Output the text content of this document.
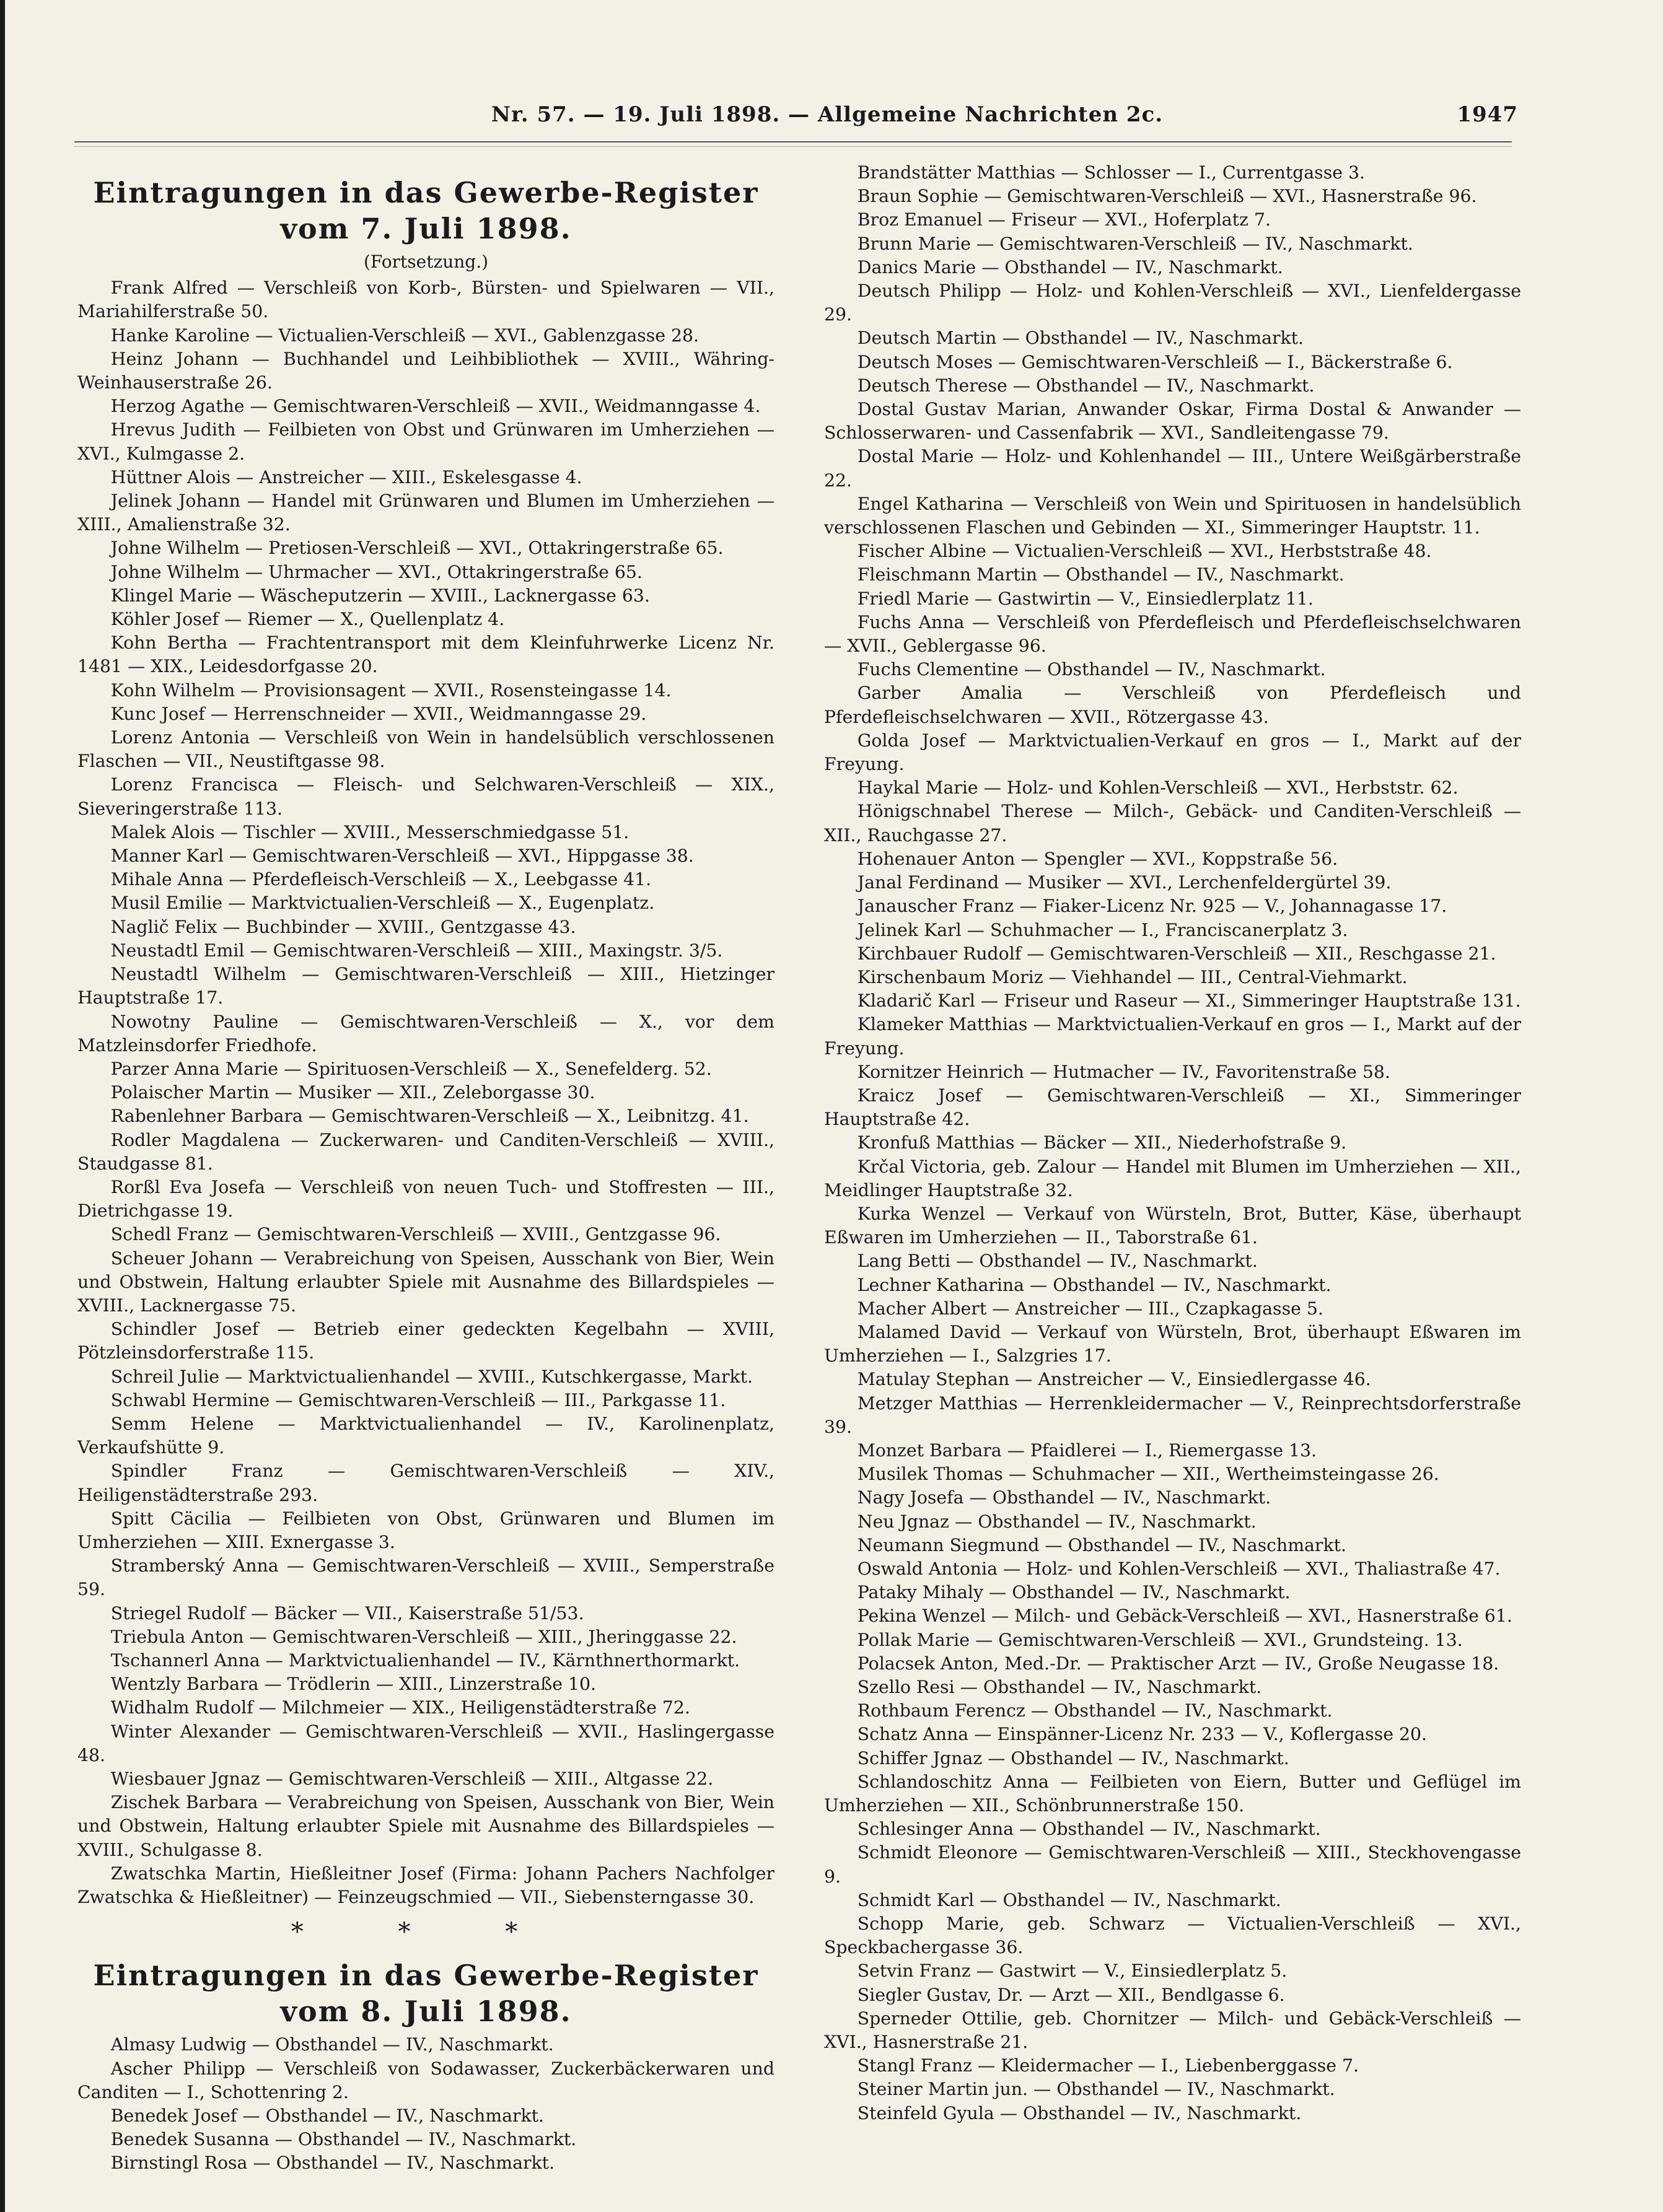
Nr. 57. — 19. Juli 1898. — Allgemeine Nachrichten 2c.	1947
Eintragungen in das Gewerbe-Register
vom 7. Juli 1898.
(Fortsetzung.)

Frank Alfred — Verschleiß von Korb-, Bürsten- und Spielwaren — VII., Mariahilferstraße 50.

Hanke Karoline — Victualien-Verschleiß — XVI., Gablenzgasse 28.

Heinz Johann — Buchhandel und Leihbibliothek — XVIII., Währing-Weinhauserstraße 26.

Herzog Agathe — Gemischtwaren-Verschleiß — XVII., Weidmanngasse 4.

Hrevus Judith — Feilbieten von Obst und Grünwaren im Umherziehen — XVI., Kulmgasse 2.

Hüttner Alois — Anstreicher — XIII., Eskelesgasse 4.

Jelinek Johann — Handel mit Grünwaren und Blumen im Umherziehen — XIII., Amalienstraße 32.

Johne Wilhelm — Pretiosen-Verschleiß — XVI., Ottakringerstraße 65.

Johne Wilhelm — Uhrmacher — XVI., Ottakringerstraße 65.

Klingel Marie — Wäscheputzerin — XVIII., Lacknergasse 63.

Köhler Josef — Riemer — X., Quellenplatz 4.

Kohn Bertha — Frachtentransport mit dem Kleinfuhrwerke Licenz Nr. 1481 — XIX., Leidesdorfgasse 20.

Kohn Wilhelm — Provisionsagent — XVII., Rosensteingasse 14.

Kunc Josef — Herrenschneider — XVII., Weidmanngasse 29.

Lorenz Antonia — Verschleiß von Wein in handelsüblich verschlossenen Flaschen — VII., Neustiftgasse 98.

Lorenz Francisca — Fleisch- und Selchwaren-Verschleiß — XIX., Sieveringerstraße 113.

Malek Alois — Tischler — XVIII., Messerschmiedgasse 51.

Manner Karl — Gemischtwaren-Verschleiß — XVI., Hippgasse 38.

Mihale Anna — Pferdefleisch-Verschleiß — X., Leebgasse 41.

Musil Emilie — Marktvictualien-Verschleiß — X., Eugenplatz.

Naglič Felix — Buchbinder — XVIII., Gentzgasse 43.

Neustadtl Emil — Gemischtwaren-Verschleiß — XIII., Maxingstr. 3/5.

Neustadtl Wilhelm — Gemischtwaren-Verschleiß — XIII., Hietzinger Hauptstraße 17.

Nowotny Pauline — Gemischtwaren-Verschleiß — X., vor dem Matzleinsdorfer Friedhofe.

Parzer Anna Marie — Spirituosen-Verschleiß — X., Senefelderg. 52.

Polaischer Martin — Musiker — XII., Zeleborgasse 30.

Rabenlehner Barbara — Gemischtwaren-Verschleiß — X., Leibnitzg. 41.

Rodler Magdalena — Zuckerwaren- und Canditen-Verschleiß — XVIII., Staudgasse 81.

Rorßl Eva Josefa — Verschleiß von neuen Tuch- und Stoffresten — III., Dietrichgasse 19.

Schedl Franz — Gemischtwaren-Verschleiß — XVIII., Gentzgasse 96.

Scheuer Johann — Verabreichung von Speisen, Ausschank von Bier, Wein und Obstwein, Haltung erlaubter Spiele mit Ausnahme des Billardspieles — XVIII., Lacknergasse 75.

Schindler Josef — Betrieb einer gedeckten Kegelbahn — XVIII, Pötzleinsdorferstraße 115.

Schreil Julie — Marktvictualienhandel — XVIII., Kutschkergasse, Markt.

Schwabl Hermine — Gemischtwaren-Verschleiß — III., Parkgasse 11.

Semm Helene — Marktvictualienhandel — IV., Karolinenplatz, Verkaufshütte 9.

Spindler Franz — Gemischtwaren-Verschleiß — XIV., Heiligenstädterstraße 293.

Spitt Cäcilia — Feilbieten von Obst, Grünwaren und Blumen im Umherziehen — XIII. Exnergasse 3.

Stramberský Anna — Gemischtwaren-Verschleiß — XVIII., Semperstraße 59.

Striegel Rudolf — Bäcker — VII., Kaiserstraße 51/53.

Triebula Anton — Gemischtwaren-Verschleiß — XIII., Jheringgasse 22.

Tschannerl Anna — Marktvictualienhandel — IV., Kärnthnerthormarkt.

Wentzly Barbara — Trödlerin — XIII., Linzerstraße 10.

Widhalm Rudolf — Milchmeier — XIX., Heiligenstädterstraße 72.

Winter Alexander — Gemischtwaren-Verschleiß — XVII., Haslingergasse 48.

Wiesbauer Jgnaz — Gemischtwaren-Verschleiß — XIII., Altgasse 22.

Zischek Barbara — Verabreichung von Speisen, Ausschank von Bier, Wein und Obstwein, Haltung erlaubter Spiele mit Ausnahme des Billardspieles — XVIII., Schulgasse 8.

Zwatschka Martin, Hießleitner Josef (Firma: Johann Pachers Nachfolger Zwatschka & Hießleitner) — Feinzeugschmied — VII., Siebensterngasse 30.

* * *
Eintragungen in das Gewerbe-Register
vom 8. Juli 1898.

Almasy Ludwig — Obsthandel — IV., Naschmarkt.

Ascher Philipp — Verschleiß von Sodawasser, Zuckerbäckerwaren und Canditen — I., Schottenring 2.

Benedek Josef — Obsthandel — IV., Naschmarkt.

Benedek Susanna — Obsthandel — IV., Naschmarkt.

Birnstingl Rosa — Obsthandel — IV., Naschmarkt.

Brandstätter Matthias — Schlosser — I., Currentgasse 3.

Braun Sophie — Gemischtwaren-Verschleiß — XVI., Hasnerstraße 96.

Broz Emanuel — Friseur — XVI., Hoferplatz 7.

Brunn Marie — Gemischtwaren-Verschleiß — IV., Naschmarkt.

Danics Marie — Obsthandel — IV., Naschmarkt.

Deutsch Philipp — Holz- und Kohlen-Verschleiß — XVI., Lienfeldergasse 29.

Deutsch Martin — Obsthandel — IV., Naschmarkt.

Deutsch Moses — Gemischtwaren-Verschleiß — I., Bäckerstraße 6.

Deutsch Therese — Obsthandel — IV., Naschmarkt.

Dostal Gustav Marian, Anwander Oskar, Firma Dostal & Anwander — Schlosserwaren- und Cassenfabrik — XVI., Sandleitengasse 79.

Dostal Marie — Holz- und Kohlenhandel — III., Untere Weißgärberstraße 22.

Engel Katharina — Verschleiß von Wein und Spirituosen in handelsüblich verschlossenen Flaschen und Gebinden — XI., Simmeringer Hauptstr. 11.

Fischer Albine — Victualien-Verschleiß — XVI., Herbststraße 48.

Fleischmann Martin — Obsthandel — IV., Naschmarkt.

Friedl Marie — Gastwirtin — V., Einsiedlerplatz 11.

Fuchs Anna — Verschleiß von Pferdefleisch und Pferdefleischselchwaren — XVII., Geblergasse 96.

Fuchs Clementine — Obsthandel — IV., Naschmarkt.

Garber Amalia — Verschleiß von Pferdefleisch und Pferdefleischselchwaren — XVII., Rötzergasse 43.

Golda Josef — Marktvictualien-Verkauf en gros — I., Markt auf der Freyung.

Haykal Marie — Holz- und Kohlen-Verschleiß — XVI., Herbststr. 62.

Hönigschnabel Therese — Milch-, Gebäck- und Canditen-Verschleiß — XII., Rauchgasse 27.

Hohenauer Anton — Spengler — XVI., Koppstraße 56.

Janal Ferdinand — Musiker — XVI., Lerchenfeldergürtel 39.

Janauscher Franz — Fiaker-Licenz Nr. 925 — V., Johannagasse 17.

Jelinek Karl — Schuhmacher — I., Franciscanerplatz 3.

Kirchbauer Rudolf — Gemischtwaren-Verschleiß — XII., Reschgasse 21.

Kirschenbaum Moriz — Viehhandel — III., Central-Viehmarkt.

Kladarič Karl — Friseur und Raseur — XI., Simmeringer Hauptstraße 131.

Klameker Matthias — Marktvictualien-Verkauf en gros — I., Markt auf der Freyung.

Kornitzer Heinrich — Hutmacher — IV., Favoritenstraße 58.

Kraicz Josef — Gemischtwaren-Verschleiß — XI., Simmeringer Hauptstraße 42.

Kronfuß Matthias — Bäcker — XII., Niederhofstraße 9.

Krčal Victoria, geb. Zalour — Handel mit Blumen im Umherziehen — XII., Meidlinger Hauptstraße 32.

Kurka Wenzel — Verkauf von Würsteln, Brot, Butter, Käse, überhaupt Eßwaren im Umherziehen — II., Taborstraße 61.

Lang Betti — Obsthandel — IV., Naschmarkt.

Lechner Katharina — Obsthandel — IV., Naschmarkt.

Macher Albert — Anstreicher — III., Czapkagasse 5.

Malamed David — Verkauf von Würsteln, Brot, überhaupt Eßwaren im Umherziehen — I., Salzgries 17.

Matulay Stephan — Anstreicher — V., Einsiedlergasse 46.

Metzger Matthias — Herrenkleidermacher — V., Reinprechtsdorferstraße 39.

Monzet Barbara — Pfaidlerei — I., Riemergasse 13.

Musilek Thomas — Schuhmacher — XII., Wertheimsteingasse 26.

Nagy Josefa — Obsthandel — IV., Naschmarkt.

Neu Jgnaz — Obsthandel — IV., Naschmarkt.

Neumann Siegmund — Obsthandel — IV., Naschmarkt.

Oswald Antonia — Holz- und Kohlen-Verschleiß — XVI., Thaliastraße 47.

Pataky Mihaly — Obsthandel — IV., Naschmarkt.

Pekina Wenzel — Milch- und Gebäck-Verschleiß — XVI., Hasnerstraße 61.

Pollak Marie — Gemischtwaren-Verschleiß — XVI., Grundsteing. 13.

Polacsek Anton, Med.-Dr. — Praktischer Arzt — IV., Große Neugasse 18.

Szello Resi — Obsthandel — IV., Naschmarkt.

Rothbaum Ferencz — Obsthandel — IV., Naschmarkt.

Schatz Anna — Einspänner-Licenz Nr. 233 — V., Koflergasse 20.

Schiffer Jgnaz — Obsthandel — IV., Naschmarkt.

Schlandoschitz Anna — Feilbieten von Eiern, Butter und Geflügel im Umherziehen — XII., Schönbrunnerstraße 150.

Schlesinger Anna — Obsthandel — IV., Naschmarkt.

Schmidt Eleonore — Gemischtwaren-Verschleiß — XIII., Steckhovengasse 9.

Schmidt Karl — Obsthandel — IV., Naschmarkt.

Schopp Marie, geb. Schwarz — Victualien-Verschleiß — XVI., Speckbachergasse 36.

Setvin Franz — Gastwirt — V., Einsiedlerplatz 5.

Siegler Gustav, Dr. — Arzt — XII., Bendlgasse 6.

Sperneder Ottilie, geb. Chornitzer — Milch- und Gebäck-Verschleiß — XVI., Hasnerstraße 21.

Stangl Franz — Kleidermacher — I., Liebenberggasse 7.

Steiner Martin jun. — Obsthandel — IV., Naschmarkt.

Steinfeld Gyula — Obsthandel — IV., Naschmarkt.
